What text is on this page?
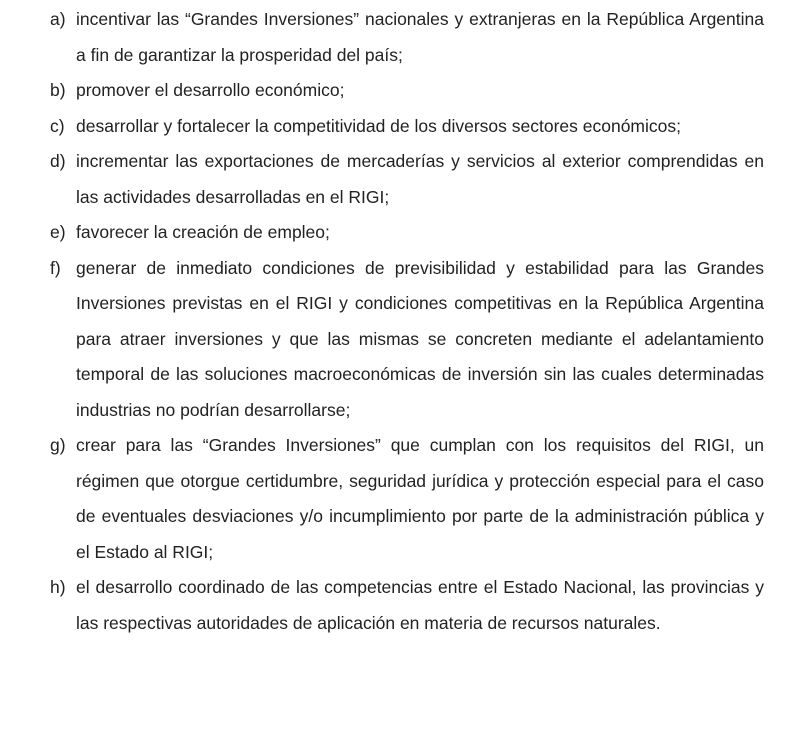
a) incentivar las “Grandes Inversiones” nacionales y extranjeras en la República Argentina a fin de garantizar la prosperidad del país;
b) promover el desarrollo económico;
c) desarrollar y fortalecer la competitividad de los diversos sectores económicos;
d) incrementar las exportaciones de mercaderías y servicios al exterior comprendidas en las actividades desarrolladas en el RIGI;
e) favorecer la creación de empleo;
f) generar de inmediato condiciones de previsibilidad y estabilidad para las Grandes Inversiones previstas en el RIGI y condiciones competitivas en la República Argentina para atraer inversiones y que las mismas se concreten mediante el adelantamiento temporal de las soluciones macroeconómicas de inversión sin las cuales determinadas industrias no podrían desarrollarse;
g) crear para las “Grandes Inversiones” que cumplan con los requisitos del RIGI, un régimen que otorgue certidumbre, seguridad jurídica y protección especial para el caso de eventuales desviaciones y/o incumplimiento por parte de la administración pública y el Estado al RIGI;
h) el desarrollo coordinado de las competencias entre el Estado Nacional, las provincias y las respectivas autoridades de aplicación en materia de recursos naturales.
